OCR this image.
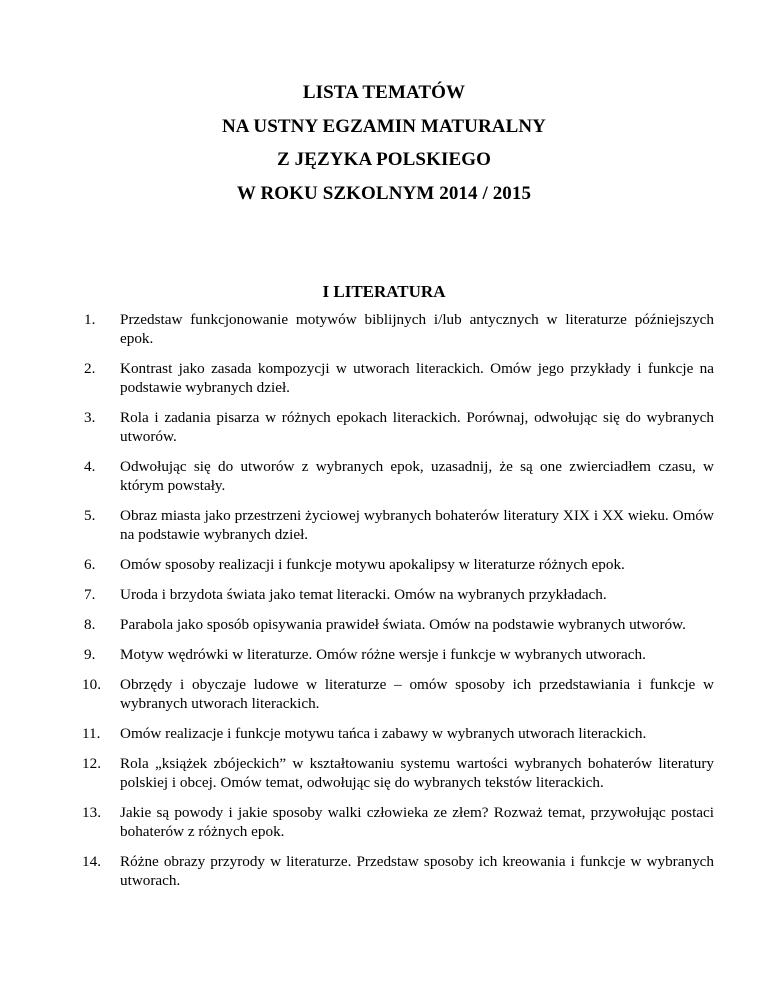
LISTA TEMATÓW
NA USTNY EGZAMIN MATURALNY
Z JĘZYKA POLSKIEGO
W ROKU SZKOLNYM 2014 / 2015
I LITERATURA
1.	Przedstaw funkcjonowanie motywów biblijnych i/lub antycznych w literaturze późniejszych epok.
2.	Kontrast jako zasada kompozycji w utworach literackich. Omów jego przykłady i funkcje na podstawie wybranych dzieł.
3.	Rola i zadania pisarza w różnych epokach literackich. Porównaj, odwołując się do wybranych utworów.
4.	Odwołując się do utworów z wybranych epok, uzasadnij, że są one zwierciadłem czasu, w którym powstały.
5.	Obraz miasta jako przestrzeni życiowej wybranych bohaterów literatury XIX i XX wieku. Omów na podstawie wybranych dzieł.
6.	Omów sposoby realizacji i funkcje motywu apokalipsy w literaturze różnych epok.
7.	Uroda i brzydota świata jako temat literacki. Omów na wybranych przykładach.
8.	Parabola jako sposób opisywania prawideł świata. Omów na podstawie wybranych utworów.
9.	Motyw wędrówki w literaturze. Omów różne wersje i funkcje w wybranych utworach.
10.	Obrzędy i obyczaje ludowe w literaturze – omów sposoby ich przedstawiania i funkcje w wybranych utworach literackich.
11.	Omów realizacje i funkcje motywu tańca i zabawy w wybranych utworach literackich.
12.	Rola „książek zbójeckich” w kształtowaniu systemu wartości wybranych bohaterów literatury polskiej i obcej. Omów temat, odwołując się do wybranych tekstów literackich.
13.	Jakie są powody i jakie sposoby walki człowieka ze złem? Rozważ temat, przywołując postaci bohaterów z różnych epok.
14.	Różne obrazy przyrody w literaturze. Przedstaw sposoby ich kreowania i funkcje w wybranych utworach.
